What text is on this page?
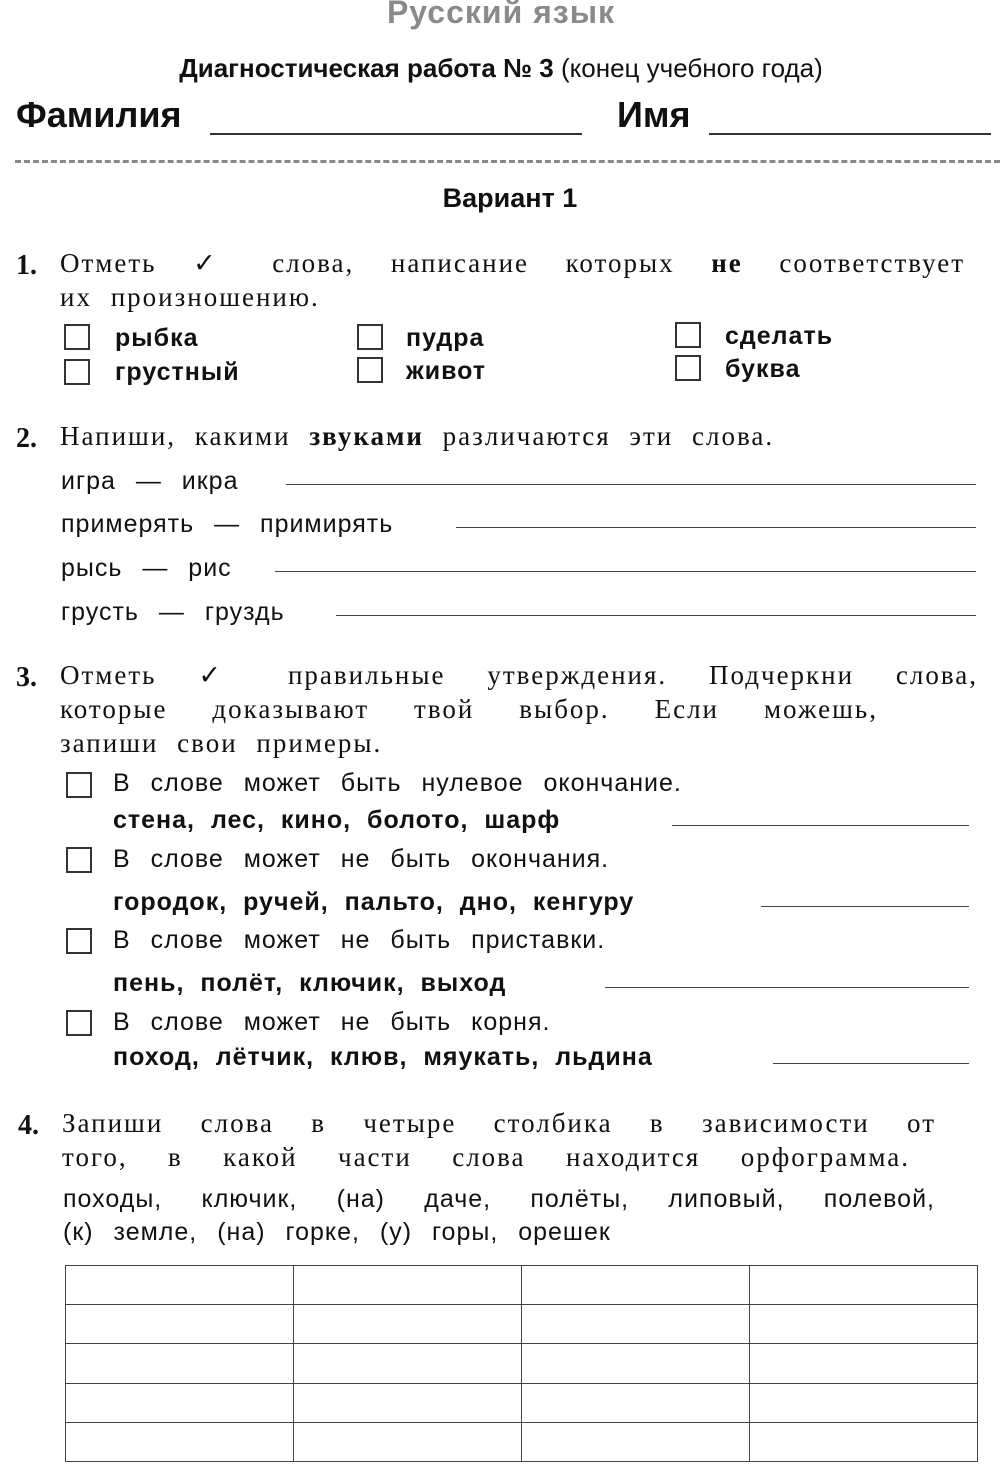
Русский язык
Диагностическая работа № 3 (конец учебного года)
Фамилия	Имя
Вариант 1
1. Отметь ✓ слова, написание которых не соответствует
их произношению.
рыбка	пудра	сделать
грустный	живот	буква
2. Напиши, какими звуками различаются эти слова.
игра — икра
примерять — примирять
рысь — рис
грусть — груздь
3. Отметь ✓ правильные утверждения. Подчеркни слова,
которые доказывают твой выбор. Если можешь,
запиши свои примеры.
В слове может быть нулевое окончание.
стена, лес, кино, болото, шарф
В слове может не быть окончания.
городок, ручей, пальто, дно, кенгуру
В слове может не быть приставки.
пень, полёт, ключик, выход
В слове может не быть корня.
поход, лётчик, клюв, мяукать, льдина
4. Запиши слова в четыре столбика в зависимости от
того, в какой части слова находится орфограмма.
походы, ключик, (на) даче, полёты, липовый, полевой,
(к) земле, (на) горке, (у) горы, орешек
